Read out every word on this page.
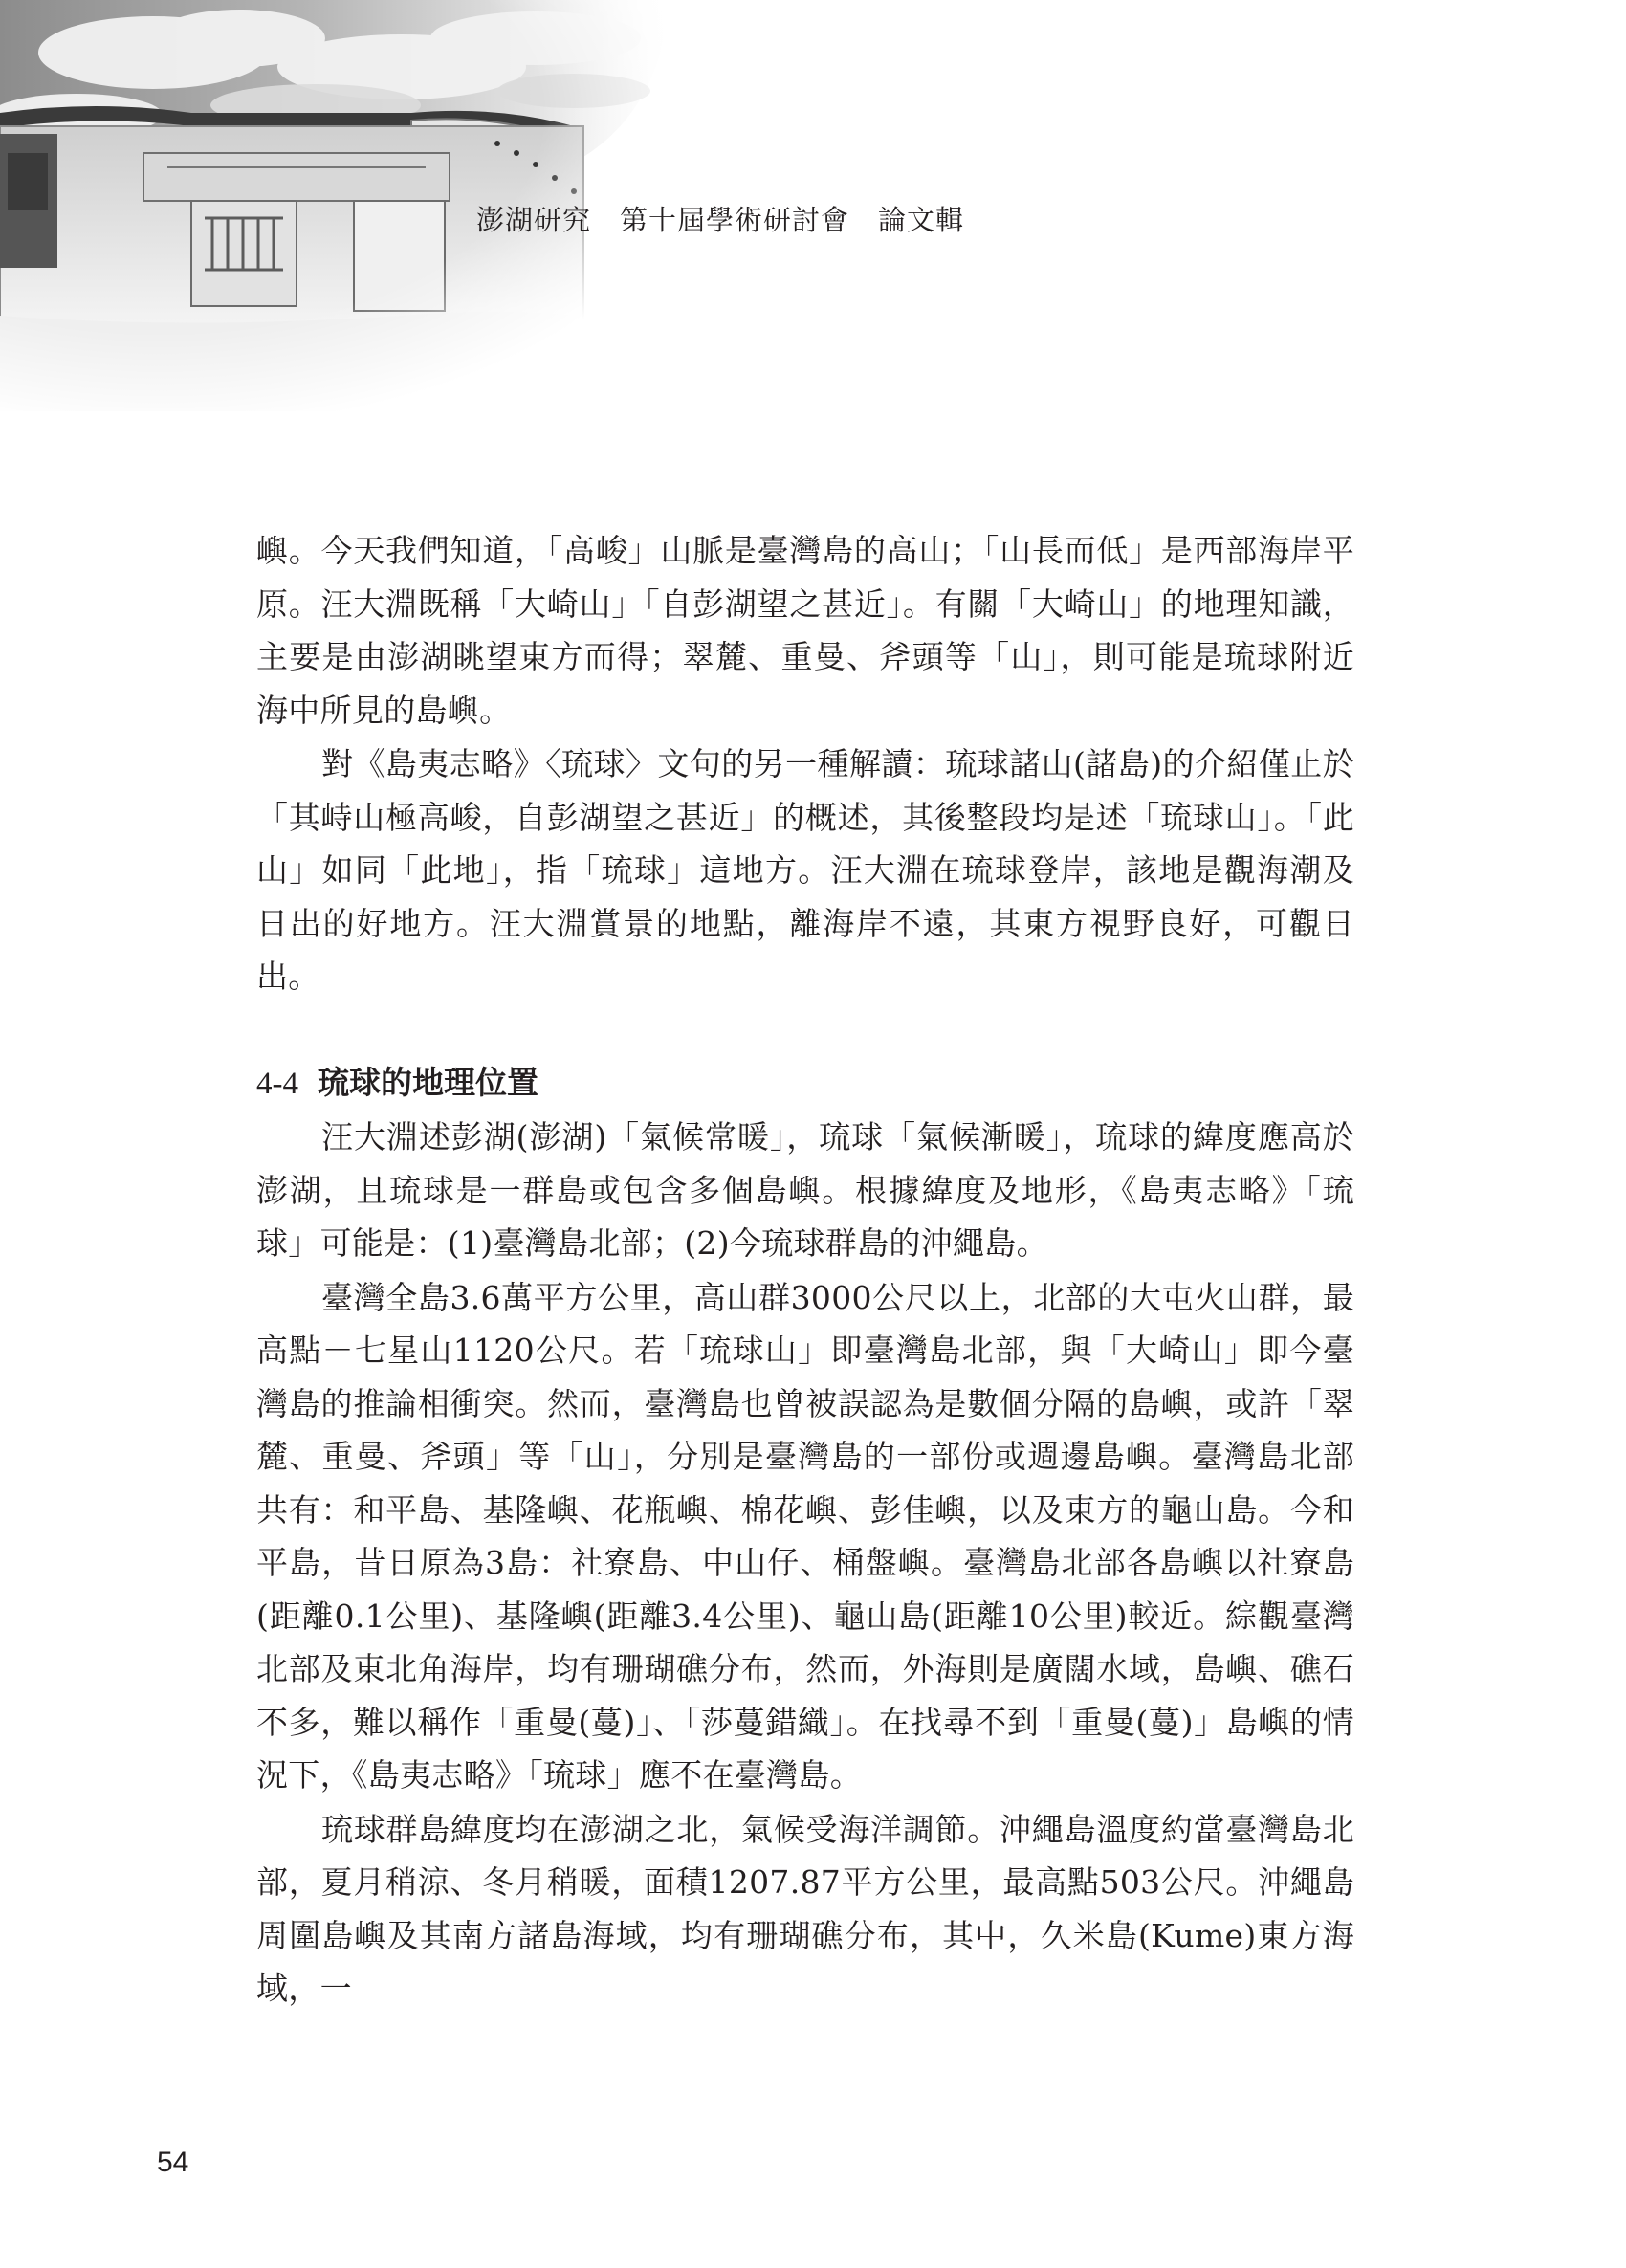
澎湖研究　第十屆學術研討會　論文輯

嶼。今天我們知道，「高峻」山脈是臺灣島的高山；「山長而低」是西部海岸平原。汪大淵既稱「大崎山」「自彭湖望之甚近」。有關「大崎山」的地理知識，主要是由澎湖眺望東方而得；翠麓、重曼、斧頭等「山」，則可能是琉球附近海中所見的島嶼。

對《島夷志略》〈琉球〉文句的另一種解讀：琉球諸山(諸島)的介紹僅止於「其峙山極高峻，自彭湖望之甚近」的概述，其後整段均是述「琉球山」。「此山」如同「此地」，指「琉球」這地方。汪大淵在琉球登岸，該地是觀海潮及日出的好地方。汪大淵賞景的地點，離海岸不遠，其東方視野良好，可觀日出。

4-4 琉球的地理位置

汪大淵述彭湖(澎湖)「氣候常暖」，琉球「氣候漸暖」，琉球的緯度應高於澎湖，且琉球是一群島或包含多個島嶼。根據緯度及地形，《島夷志略》「琉球」可能是：(1)臺灣島北部；(2)今琉球群島的沖繩島。

臺灣全島3.6萬平方公里，高山群3000公尺以上，北部的大屯火山群，最高點－七星山1120公尺。若「琉球山」即臺灣島北部，與「大崎山」即今臺灣島的推論相衝突。然而，臺灣島也曾被誤認為是數個分隔的島嶼，或許「翠麓、重曼、斧頭」等「山」，分別是臺灣島的一部份或週邊島嶼。臺灣島北部共有：和平島、基隆嶼、花瓶嶼、棉花嶼、彭佳嶼，以及東方的龜山島。今和平島，昔日原為3島：社寮島、中山仔、桶盤嶼。臺灣島北部各島嶼以社寮島(距離0.1公里)、基隆嶼(距離3.4公里)、龜山島(距離10公里)較近。綜觀臺灣北部及東北角海岸，均有珊瑚礁分布，然而，外海則是廣闊水域，島嶼、礁石不多，難以稱作「重曼(蔓)」、「莎蔓錯織」。在找尋不到「重曼(蔓)」島嶼的情況下，《島夷志略》「琉球」應不在臺灣島。

琉球群島緯度均在澎湖之北，氣候受海洋調節。沖繩島溫度約當臺灣島北部，夏月稍涼、冬月稍暖，面積1207.87平方公里，最高點503公尺。沖繩島周圍島嶼及其南方諸島海域，均有珊瑚礁分布，其中，久米島(Kume)東方海域，一

54
